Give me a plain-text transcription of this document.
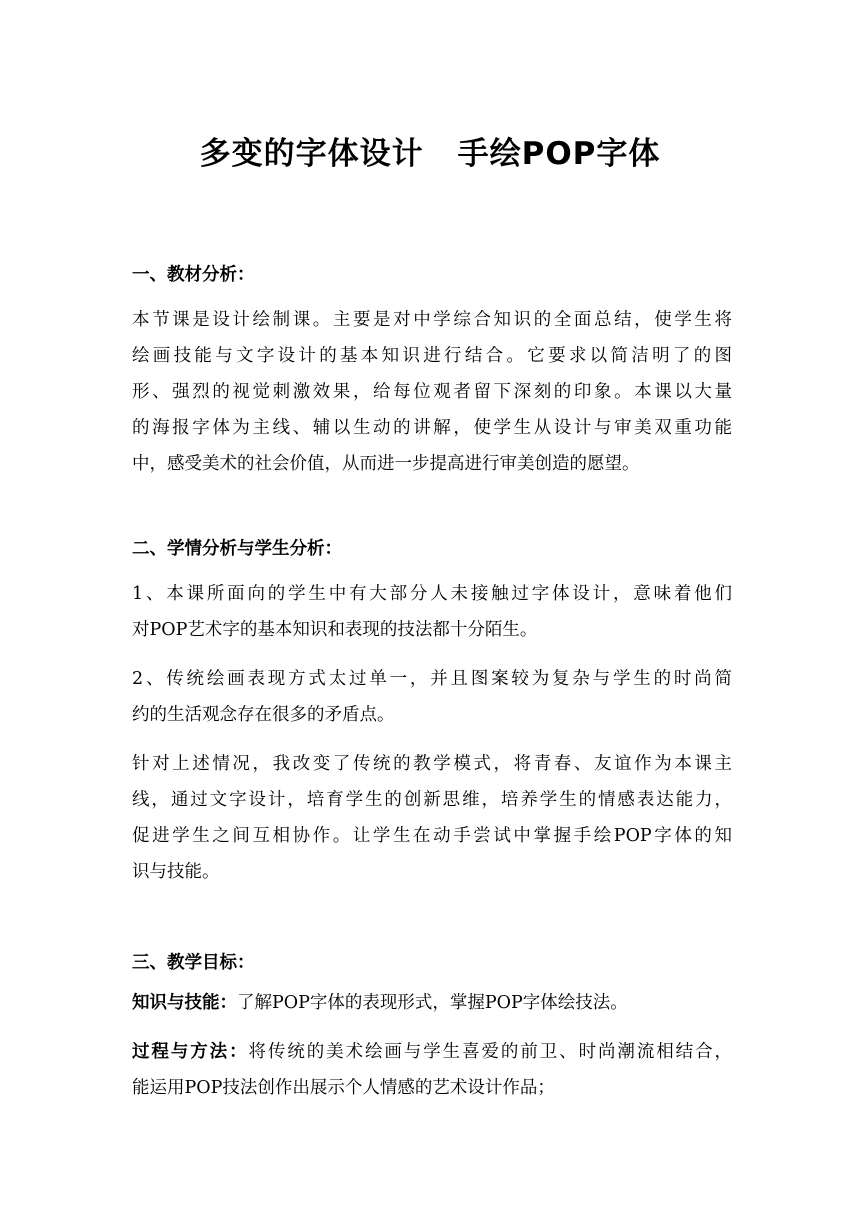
多变的字体设计 手绘POP字体
一、教材分析：

本节课是设计绘制课。主要是对中学综合知识的全面总结，使学生将
绘画技能与文字设计的基本知识进行结合。它要求以简洁明了的图
形、强烈的视觉刺激效果，给每位观者留下深刻的印象。本课以大量
的海报字体为主线、辅以生动的讲解，使学生从设计与审美双重功能
中，感受美术的社会价值，从而进一步提高进行审美创造的愿望。

二、学情分析与学生分析：

1、本课所面向的学生中有大部分人未接触过字体设计，意味着他们
对POP艺术字的基本知识和表现的技法都十分陌生。

2、传统绘画表现方式太过单一，并且图案较为复杂与学生的时尚简
约的生活观念存在很多的矛盾点。

针对上述情况，我改变了传统的教学模式，将青春、友谊作为本课主
线，通过文字设计，培育学生的创新思维，培养学生的情感表达能力，
促进学生之间互相协作。让学生在动手尝试中掌握手绘POP字体的知
识与技能。

三、教学目标：

知识与技能：了解POP字体的表现形式，掌握POP字体绘技法。

过程与方法：将传统的美术绘画与学生喜爱的前卫、时尚潮流相结合，
能运用POP技法创作出展示个人情感的艺术设计作品；
